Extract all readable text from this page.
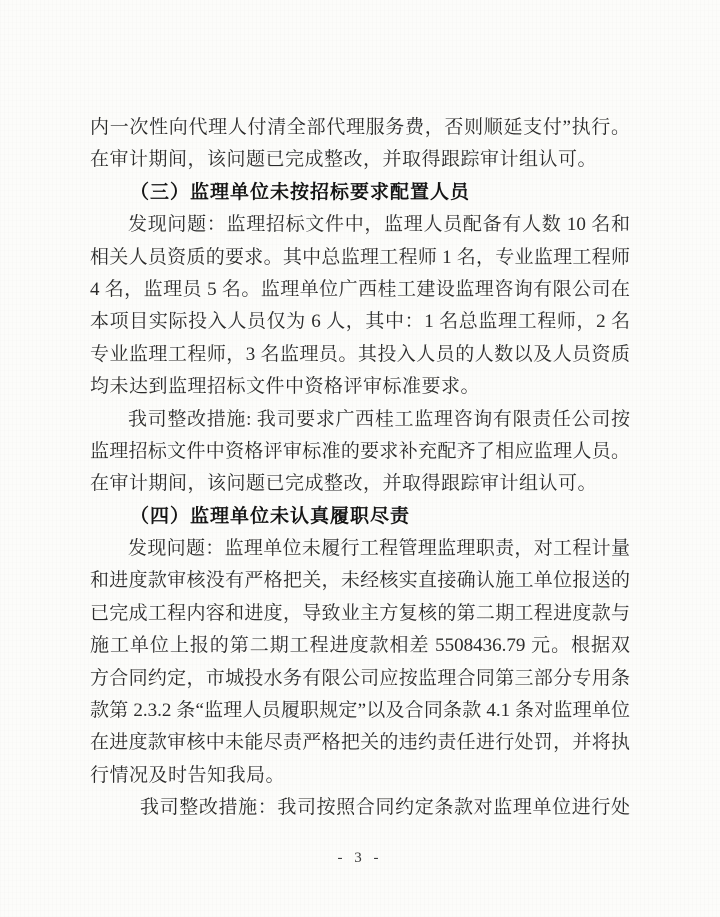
内一次性向代理人付清全部代理服务费，否则顺延支付”执行。
在审计期间，该问题已完成整改，并取得跟踪审计组认可。
（三）监理单位未按招标要求配置人员
发现问题：监理招标文件中，监理人员配备有人数 10 名和
相关人员资质的要求。其中总监理工程师 1 名，专业监理工程师
4 名，监理员 5 名。监理单位广西桂工建设监理咨询有限公司在
本项目实际投入人员仅为 6 人，其中：1 名总监理工程师，2 名
专业监理工程师，3 名监理员。其投入人员的人数以及人员资质
均未达到监理招标文件中资格评审标准要求。
我司整改措施: 我司要求广西桂工监理咨询有限责任公司按
监理招标文件中资格评审标准的要求补充配齐了相应监理人员。
在审计期间，该问题已完成整改，并取得跟踪审计组认可。
（四）监理单位未认真履职尽责
发现问题：监理单位未履行工程管理监理职责，对工程计量
和进度款审核没有严格把关，未经核实直接确认施工单位报送的
已完成工程内容和进度，导致业主方复核的第二期工程进度款与
施工单位上报的第二期工程进度款相差 5508436.79 元。根据双
方合同约定，市城投水务有限公司应按监理合同第三部分专用条
款第 2.3.2 条“监理人员履职规定”以及合同条款 4.1 条对监理单位
在进度款审核中未能尽责严格把关的违约责任进行处罚，并将执
行情况及时告知我局。
我司整改措施：我司按照合同约定条款对监理单位进行处
- 3 -
